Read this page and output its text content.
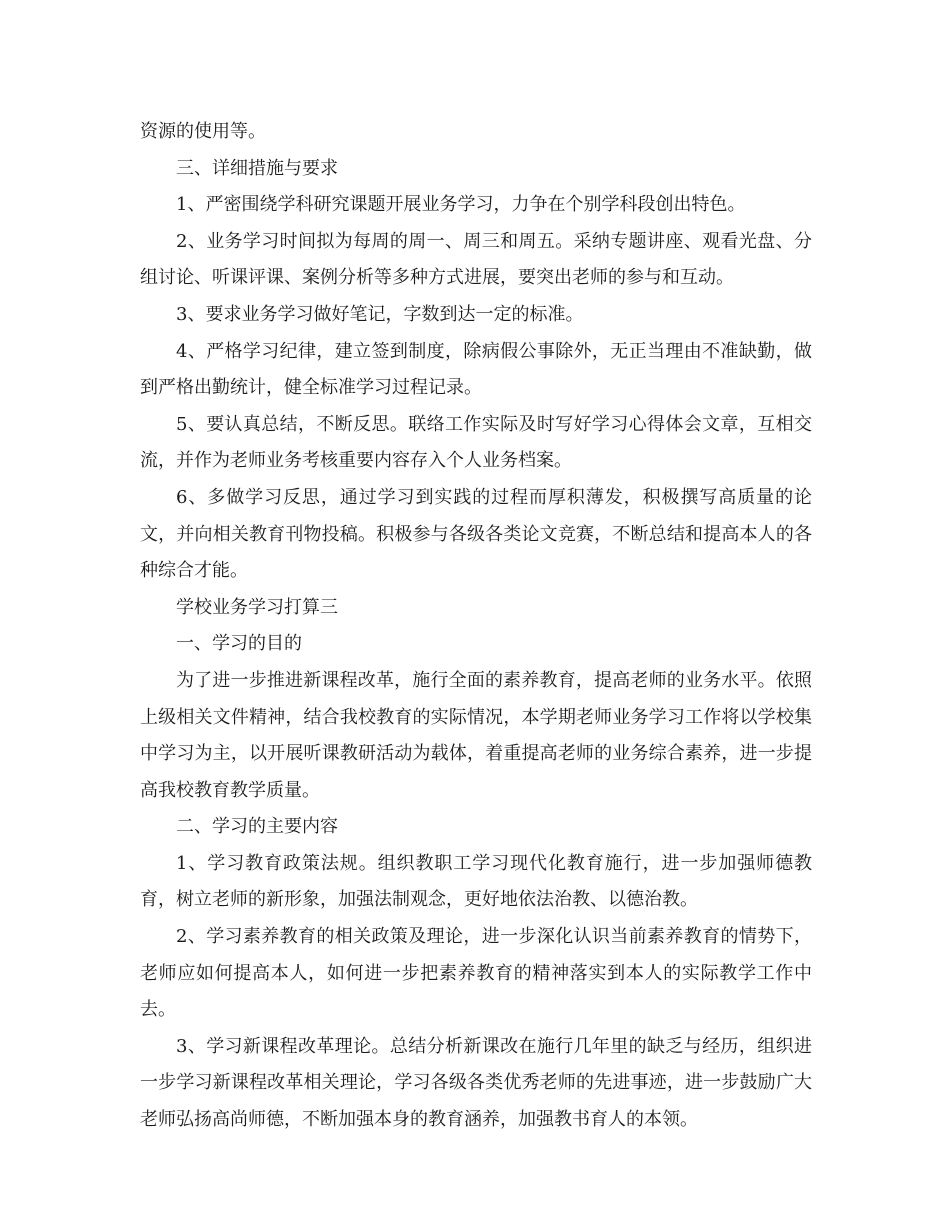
资源的使用等。

三、详细措施与要求

1、严密围绕学科研究课题开展业务学习，力争在个别学科段创出特色。

2、业务学习时间拟为每周的周一、周三和周五。采纳专题讲座、观看光盘、分组讨论、听课评课、案例分析等多种方式进展，要突出老师的参与和互动。

3、要求业务学习做好笔记，字数到达一定的标准。

4、严格学习纪律，建立签到制度，除病假公事除外，无正当理由不准缺勤，做到严格出勤统计，健全标准学习过程记录。

5、要认真总结，不断反思。联络工作实际及时写好学习心得体会文章，互相交流，并作为老师业务考核重要内容存入个人业务档案。

6、多做学习反思，通过学习到实践的过程而厚积薄发，积极撰写高质量的论文，并向相关教育刊物投稿。积极参与各级各类论文竞赛，不断总结和提高本人的各种综合才能。

学校业务学习打算三

一、学习的目的

为了进一步推进新课程改革，施行全面的素养教育，提高老师的业务水平。依照上级相关文件精神，结合我校教育的实际情况，本学期老师业务学习工作将以学校集中学习为主，以开展听课教研活动为载体，着重提高老师的业务综合素养，进一步提高我校教育教学质量。

二、学习的主要内容

1、学习教育政策法规。组织教职工学习现代化教育施行，进一步加强师德教育，树立老师的新形象，加强法制观念，更好地依法治教、以德治教。

2、学习素养教育的相关政策及理论，进一步深化认识当前素养教育的情势下，老师应如何提高本人，如何进一步把素养教育的精神落实到本人的实际教学工作中去。

3、学习新课程改革理论。总结分析新课改在施行几年里的缺乏与经历，组织进一步学习新课程改革相关理论，学习各级各类优秀老师的先进事迹，进一步鼓励广大老师弘扬高尚师德，不断加强本身的教育涵养，加强教书育人的本领。
